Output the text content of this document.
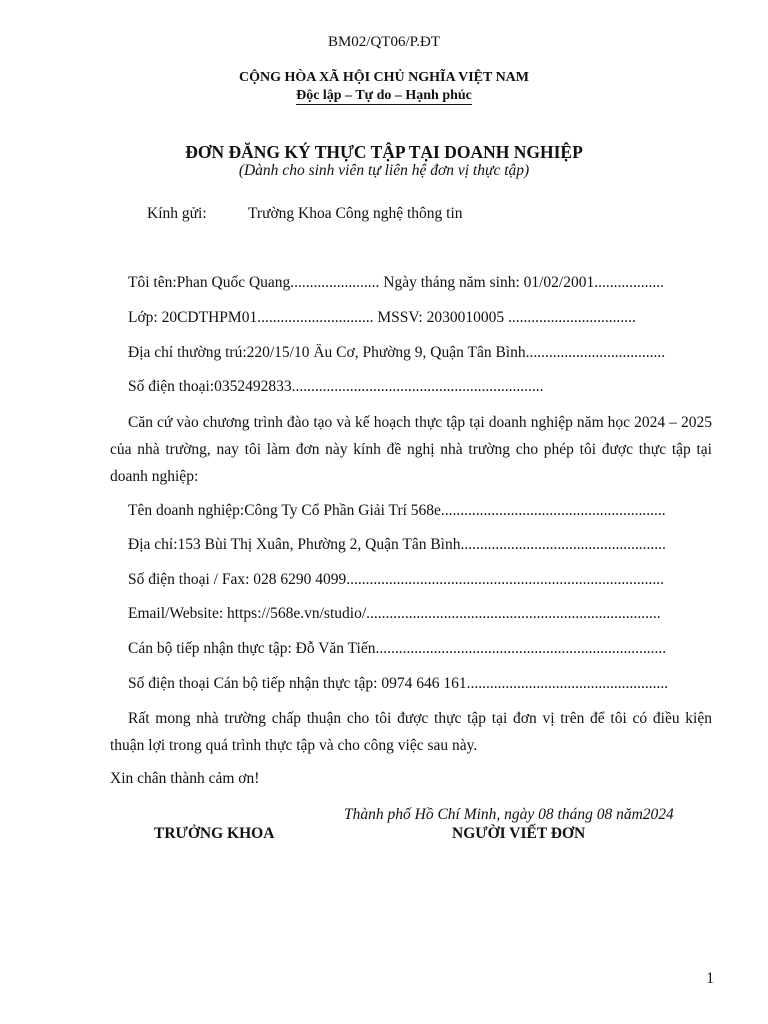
BM02/QT06/P.ĐT
CỘNG HÒA XÃ HỘI CHỦ NGHĨA VIỆT NAM
Độc lập – Tự do – Hạnh phúc
ĐƠN ĐĂNG KÝ THỰC TẬP TẠI DOANH NGHIỆP
(Dành cho sinh viên tự liên hệ đơn vị thực tập)
Kính gửi:	Trường Khoa Công nghệ thông tin
Tôi tên:Phan Quốc Quang....................... Ngày tháng năm sinh: 01/02/2001..................
Lớp: 20CDTHPM01.............................. MSSV: 2030010005 .................................
Địa chỉ thường trú:220/15/10 Âu Cơ, Phường 9, Quận Tân Bình....................................
Số điện thoại:0352492833.................................................................
Căn cứ vào chương trình đào tạo và kế hoạch thực tập tại doanh nghiệp năm học 2024 – 2025 của nhà trường, nay tôi làm đơn này kính đề nghị nhà trường cho phép tôi được thực tập tại doanh nghiệp:
Tên doanh nghiệp:Công Ty Cổ Phần Giải Trí 568e..........................................................
Địa chỉ:153 Bùi Thị Xuân, Phường 2, Quận Tân Bình.....................................................
Số điện thoại / Fax: 028 6290 4099..................................................................................
Email/Website: https://568e.vn/studio/............................................................................
Cán bộ tiếp nhận thực tập: Đỗ Văn Tiến...........................................................................
Số điện thoại Cán bộ tiếp nhận thực tập: 0974 646 161....................................................
Rất mong nhà trường chấp thuận cho tôi được thực tập tại đơn vị trên để tôi có điều kiện thuận lợi trong quá trình thực tập và cho công việc sau này.
Xin chân thành cảm ơn!
Thành phố Hồ Chí Minh, ngày 08 tháng 08 năm2024
TRƯỞNG KHOA	NGƯỜI VIẾT ĐƠN
1
